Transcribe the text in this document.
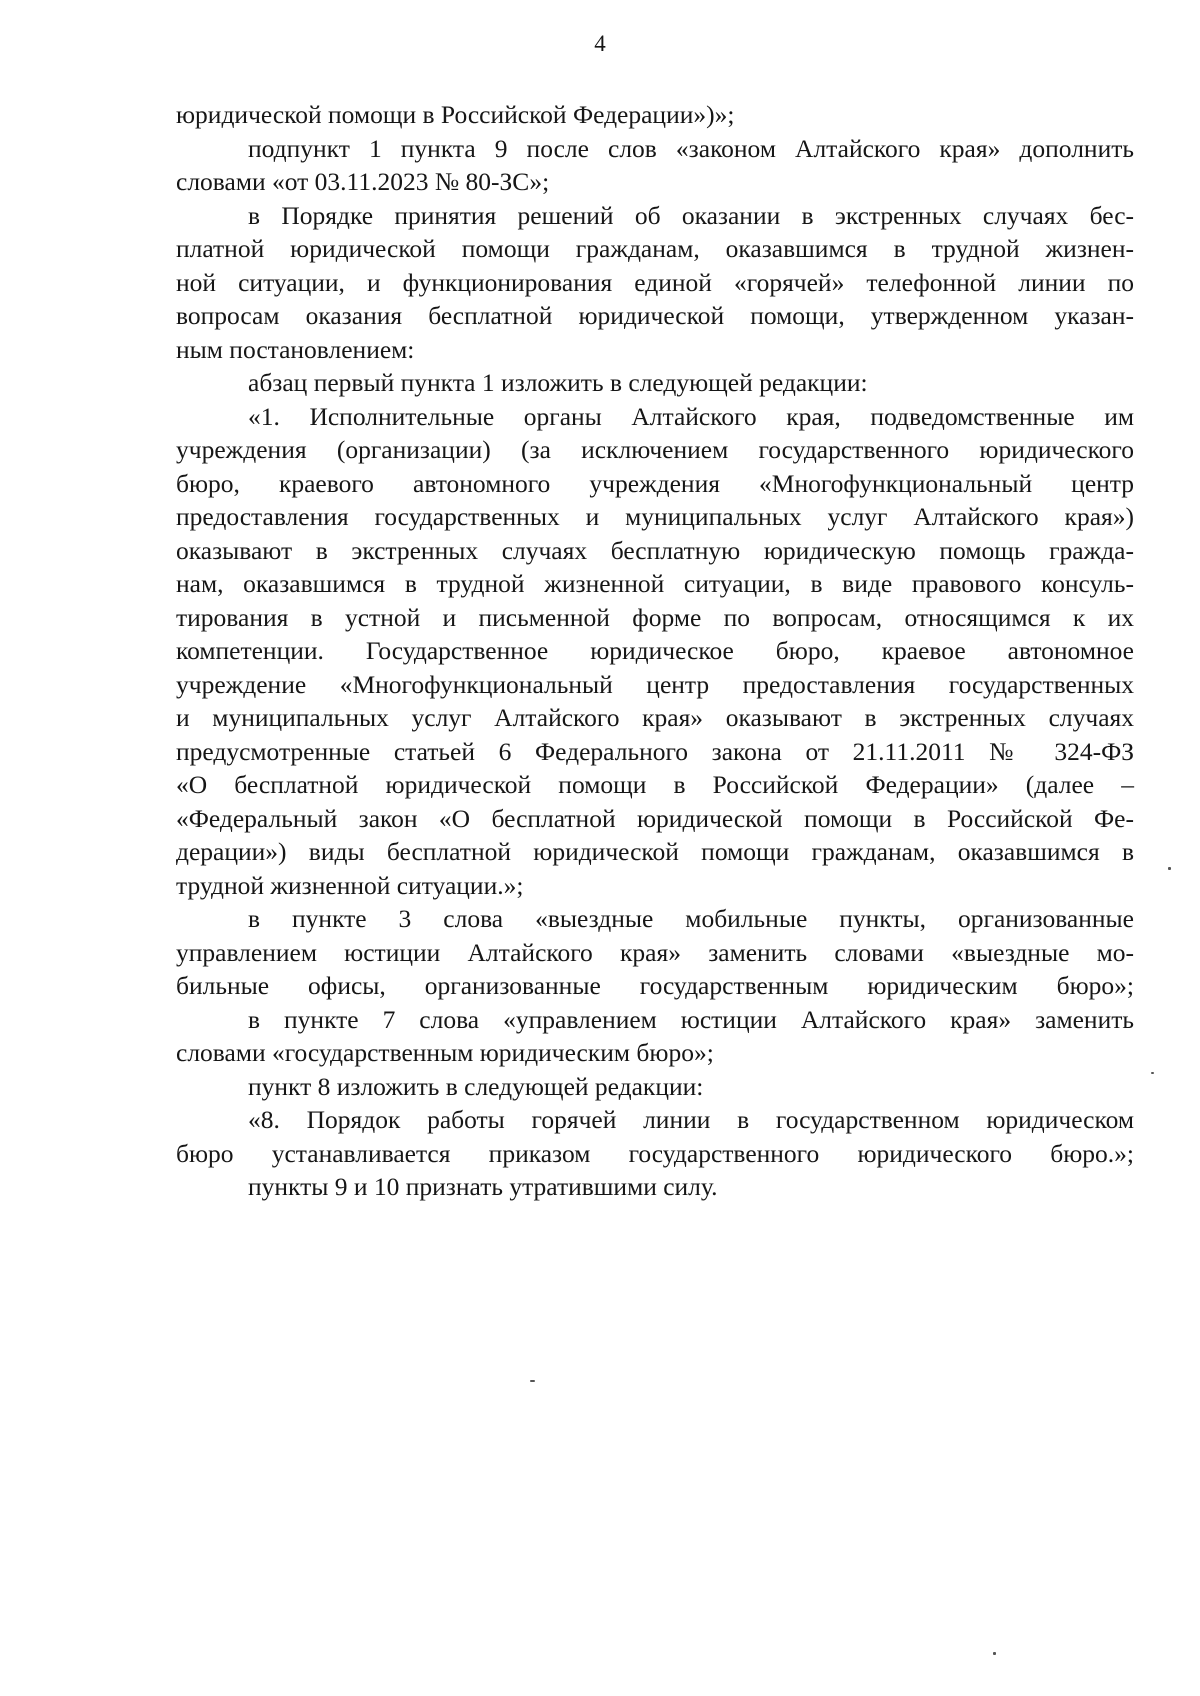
4
юридической помощи в Российской Федерации»)»;
подпункт 1 пункта 9 после слов «законом Алтайского края» дополнить
словами «от 03.11.2023 № 80-ЗС»;
в Порядке принятия решений об оказании в экстренных случаях бес-
платной юридической помощи гражданам, оказавшимся в трудной жизнен-
ной ситуации, и функционирования единой «горячей» телефонной линии по
вопросам оказания бесплатной юридической помощи, утвержденном указан-
ным постановлением:
абзац первый пункта 1 изложить в следующей редакции:
«1. Исполнительные органы Алтайского края, подведомственные им
учреждения (организации) (за исключением государственного юридического
бюро, краевого автономного учреждения «Многофункциональный центр
предоставления государственных и муниципальных услуг Алтайского края»)
оказывают в экстренных случаях бесплатную юридическую помощь гражда-
нам, оказавшимся в трудной жизненной ситуации, в виде правового консуль-
тирования в устной и письменной форме по вопросам, относящимся к их
компетенции. Государственное юридическое бюро, краевое автономное
учреждение «Многофункциональный центр предоставления государственных
и муниципальных услуг Алтайского края» оказывают в экстренных случаях
предусмотренные статьей 6 Федерального закона от 21.11.2011 № 324-ФЗ
«О бесплатной юридической помощи в Российской Федерации» (далее –
«Федеральный закон «О бесплатной юридической помощи в Российской Фе-
дерации») виды бесплатной юридической помощи гражданам, оказавшимся в
трудной жизненной ситуации.»;
в пункте 3 слова «выездные мобильные пункты, организованные
управлением юстиции Алтайского края» заменить словами «выездные мо-
бильные офисы, организованные государственным юридическим бюро»;
в пункте 7 слова «управлением юстиции Алтайского края» заменить
словами «государственным юридическим бюро»;
пункт 8 изложить в следующей редакции:
«8. Порядок работы горячей линии в государственном юридическом
бюро устанавливается приказом государственного юридического бюро.»;
пункты 9 и 10 признать утратившими силу.
